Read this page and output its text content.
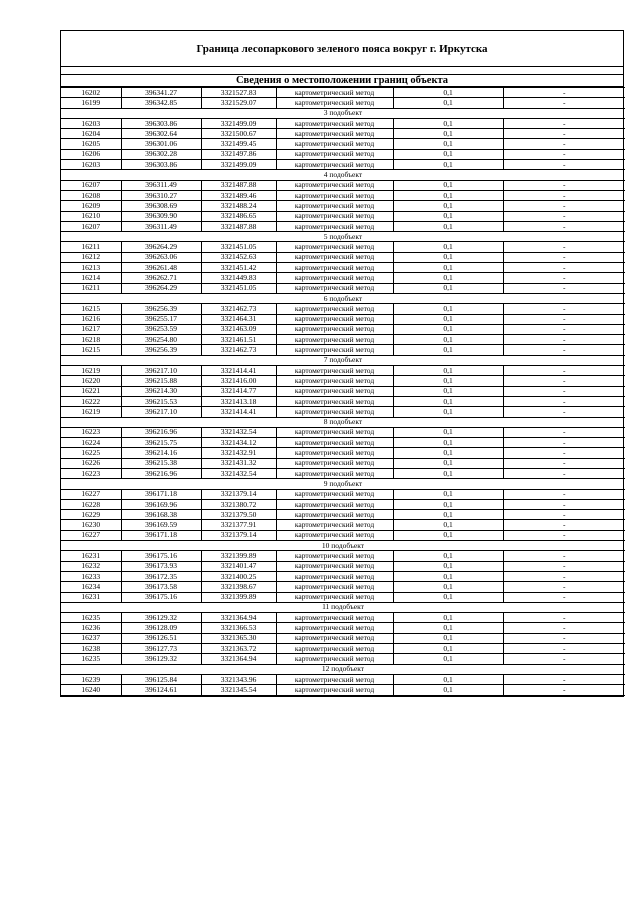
Граница лесопаркового зеленого пояса вокруг г. Иркутска
Сведения о местоположении границ объекта
16202	396341.27	3321527.83	картометрический метод	0,1	-
16199	396342.85	3321529.07	картометрический метод	0,1	-
3 подобъект					
16203	396303.86	3321499.09	картометрический метод	0,1	-
16204	396302.64	3321500.67	картометрический метод	0,1	-
16205	396301.06	3321499.45	картометрический метод	0,1	-
16206	396302.28	3321497.86	картометрический метод	0,1	-
16203	396303.86	3321499.09	картометрический метод	0,1	-
4 подобъект					
16207	396311.49	3321487.88	картометрический метод	0,1	-
16208	396310.27	3321489.46	картометрический метод	0,1	-
16209	396308.69	3321488.24	картометрический метод	0,1	-
16210	396309.90	3321486.65	картометрический метод	0,1	-
16207	396311.49	3321487.88	картометрический метод	0,1	-
5 подобъект					
16211	396264.29	3321451.05	картометрический метод	0,1	-
16212	396263.06	3321452.63	картометрический метод	0,1	-
16213	396261.48	3321451.42	картометрический метод	0,1	-
16214	396262.71	3321449.83	картометрический метод	0,1	-
16211	396264.29	3321451.05	картометрический метод	0,1	-
6 подобъект					
16215	396256.39	3321462.73	картометрический метод	0,1	-
16216	396255.17	3321464.31	картометрический метод	0,1	-
16217	396253.59	3321463.09	картометрический метод	0,1	-
16218	396254.80	3321461.51	картометрический метод	0,1	-
16215	396256.39	3321462.73	картометрический метод	0,1	-
7 подобъект					
16219	396217.10	3321414.41	картометрический метод	0,1	-
16220	396215.88	3321416.00	картометрический метод	0,1	-
16221	396214.30	3321414.77	картометрический метод	0,1	-
16222	396215.53	3321413.18	картометрический метод	0,1	-
16219	396217.10	3321414.41	картометрический метод	0,1	-
8 подобъект					
16223	396216.96	3321432.54	картометрический метод	0,1	-
16224	396215.75	3321434.12	картометрический метод	0,1	-
16225	396214.16	3321432.91	картометрический метод	0,1	-
16226	396215.38	3321431.32	картометрический метод	0,1	-
16223	396216.96	3321432.54	картометрический метод	0,1	-
9 подобъект					
16227	396171.18	3321379.14	картометрический метод	0,1	-
16228	396169.96	3321380.72	картометрический метод	0,1	-
16229	396168.38	3321379.50	картометрический метод	0,1	-
16230	396169.59	3321377.91	картометрический метод	0,1	-
16227	396171.18	3321379.14	картометрический метод	0,1	-
10 подобъект					
16231	396175.16	3321399.89	картометрический метод	0,1	-
16232	396173.93	3321401.47	картометрический метод	0,1	-
16233	396172.35	3321400.25	картометрический метод	0,1	-
16234	396173.58	3321398.67	картометрический метод	0,1	-
16231	396175.16	3321399.89	картометрический метод	0,1	-
11 подобъект					
16235	396129.32	3321364.94	картометрический метод	0,1	-
16236	396128.09	3321366.53	картометрический метод	0,1	-
16237	396126.51	3321365.30	картометрический метод	0,1	-
16238	396127.73	3321363.72	картометрический метод	0,1	-
16235	396129.32	3321364.94	картометрический метод	0,1	-
12 подобъект					
16239	396125.84	3321343.96	картометрический метод	0,1	-
16240	396124.61	3321345.54	картометрический метод	0,1	-
